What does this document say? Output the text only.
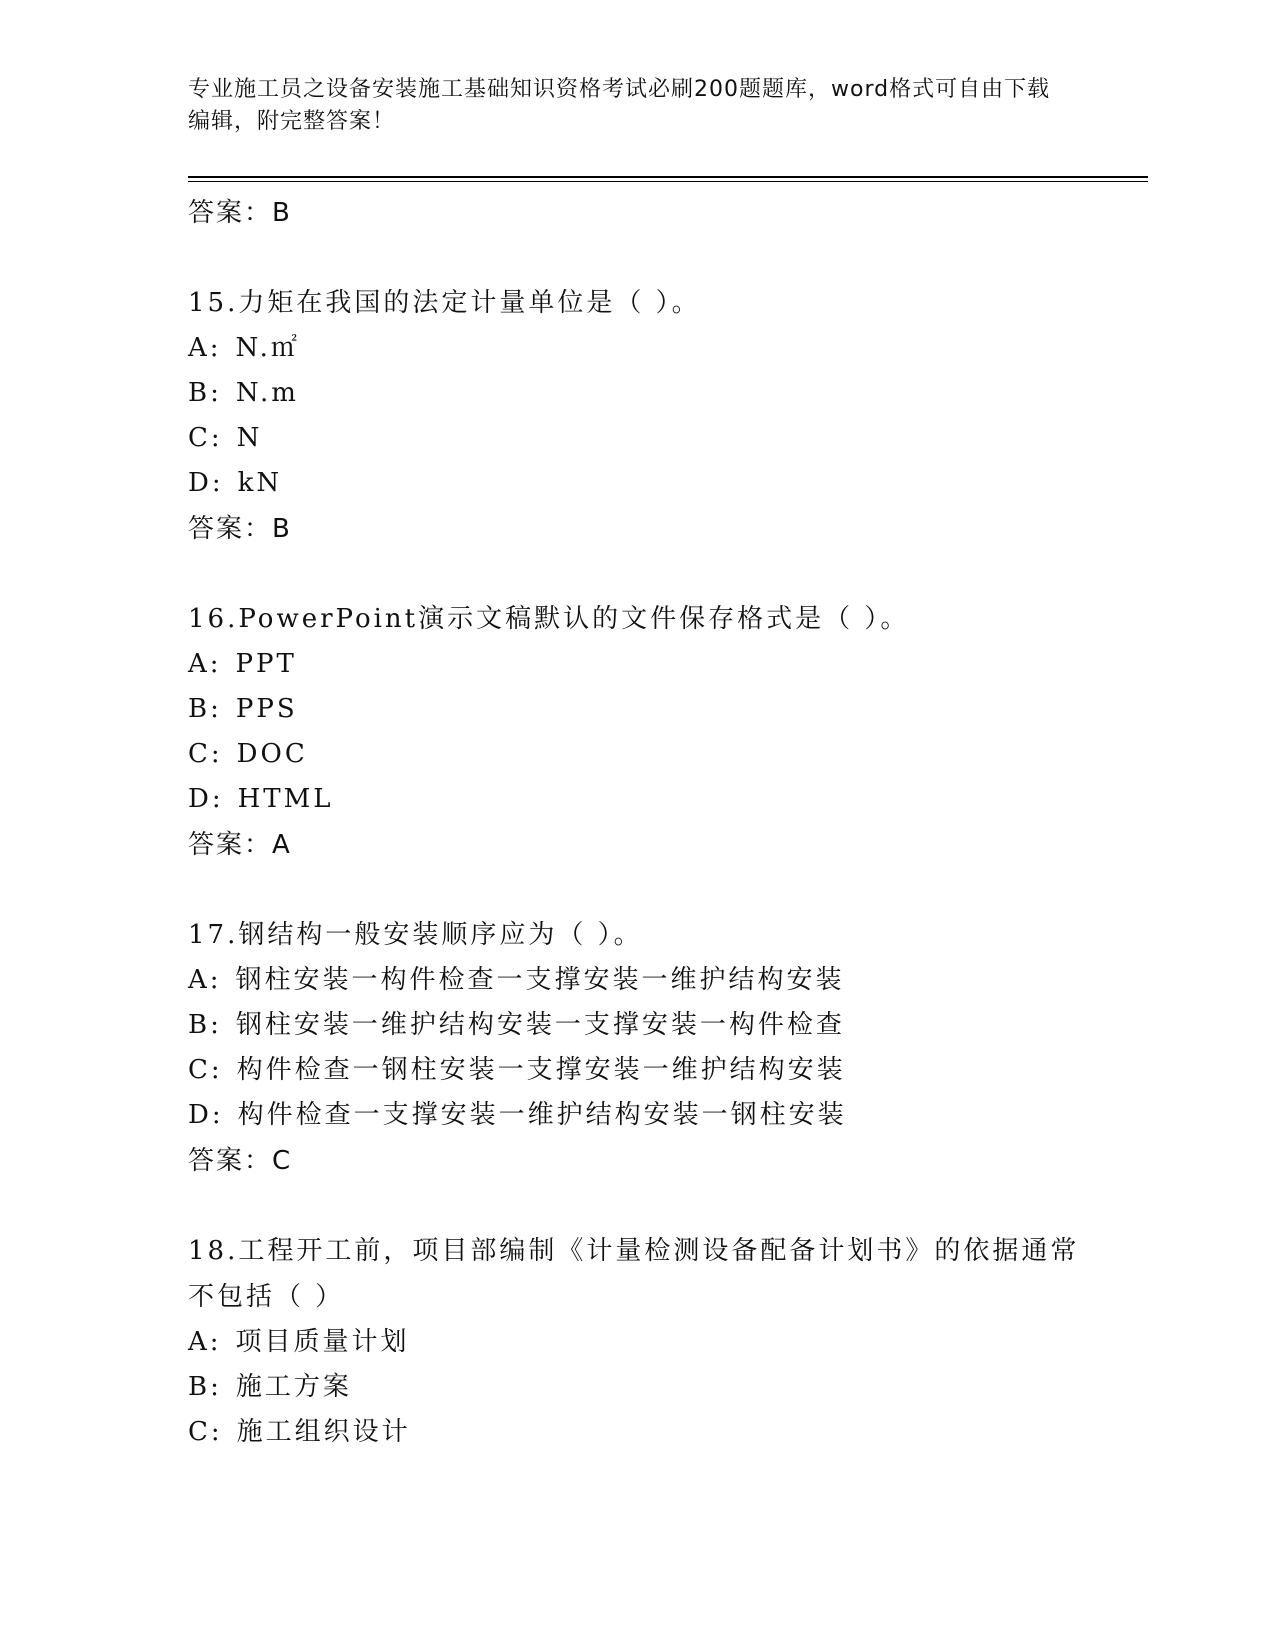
专业施工员之设备安装施工基础知识资格考试必刷200题题库，word格式可自由下载编辑，附完整答案！
答案：B
15.力矩在我国的法定计量单位是（ ）。
A: N.㎡
B: N.m
C: N
D: kN
答案：B
16.PowerPoint演示文稿默认的文件保存格式是（ ）。
A: PPT
B: PPS
C: DOC
D: HTML
答案：A
17.钢结构一般安装顺序应为（ ）。
A: 钢柱安装一构件检查一支撑安装一维护结构安装
B: 钢柱安装一维护结构安装一支撑安装一构件检查
C: 构件检查一钢柱安装一支撑安装一维护结构安装
D: 构件检查一支撑安装一维护结构安装一钢柱安装
答案：C
18.工程开工前，项目部编制《计量检测设备配备计划书》的依据通常不包括（ ）
A: 项目质量计划
B: 施工方案
C: 施工组织设计
